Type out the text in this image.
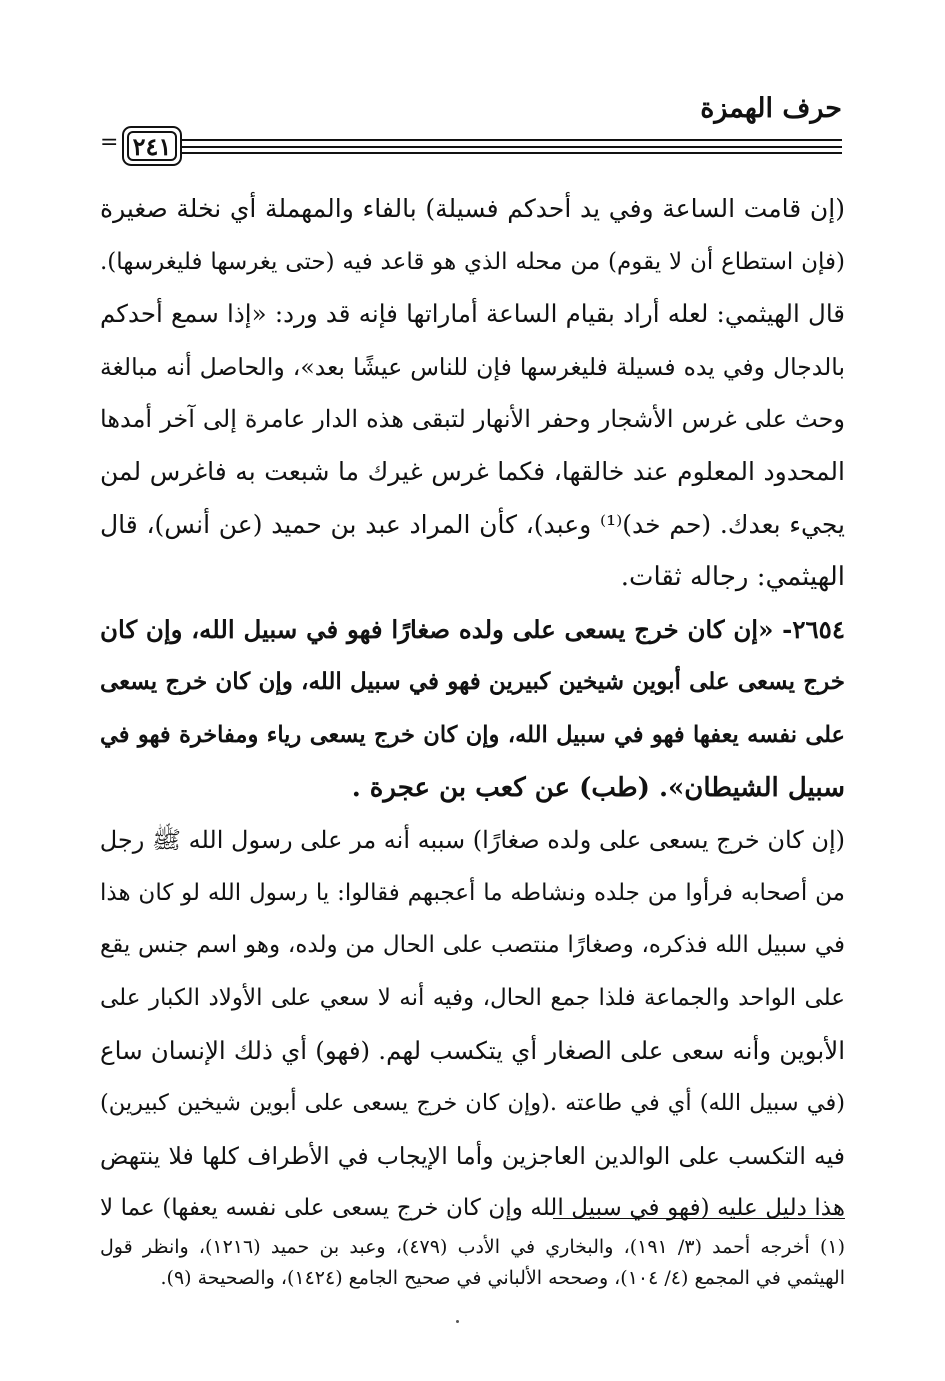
حرف الهمزة
٢٤١
=
(إن قامت الساعة وفي يد أحدكم فسيلة) بالفاء والمهملة أي نخلة صغيرة
(فإن استطاع أن لا يقوم) من محله الذي هو قاعد فيه (حتى يغرسها فليغرسها).
قال الهيثمي: لعله أراد بقيام الساعة أماراتها فإنه قد ورد: «إذا سمع أحدكم
بالدجال وفي يده فسيلة فليغرسها فإن للناس عيشًا بعد»، والحاصل أنه مبالغة
وحث على غرس الأشجار وحفر الأنهار لتبقى هذه الدار عامرة إلى آخر أمدها
المحدود المعلوم عند خالقها، فكما غرس غيرك ما شبعت به فاغرس لمن
يجيء بعدك. (حم خد)⁽¹⁾ وعبد)، كأن المراد عبد بن حميد (عن أنس)، قال
الهيثمي: رجاله ثقات.
٢٦٥٤- «إن كان خرج يسعى على ولده صغارًا فهو في سبيل الله، وإن كان
خرج يسعى على أبوين شيخين كبيرين فهو في سبيل الله، وإن كان خرج يسعى
على نفسه يعفها فهو في سبيل الله، وإن كان خرج يسعى رياء ومفاخرة فهو في
سبيل الشيطان». (طب) عن كعب بن عجرة .
(إن كان خرج يسعى على ولده صغارًا) سببه أنه مر على رسول الله ﷺ رجل
من أصحابه فرأوا من جلده ونشاطه ما أعجبهم فقالوا: يا رسول الله لو كان هذا
في سبيل الله فذكره، وصغارًا منتصب على الحال من ولده، وهو اسم جنس يقع
على الواحد والجماعة فلذا جمع الحال، وفيه أنه لا سعي على الأولاد الكبار على
الأبوين وأنه سعى على الصغار أي يتكسب لهم. (فهو) أي ذلك الإنسان ساع
(في سبيل الله) أي في طاعته .(وإن كان خرج يسعى على أبوين شيخين كبيرين)
فيه التكسب على الوالدين العاجزين وأما الإيجاب في الأطراف كلها فلا ينتهض
هذا دليل عليه (فهو في سبيل الله وإن كان خرج يسعى على نفسه يعفها) عما لا
(١) أخرجه أحمد (٣/ ١٩١)، والبخاري في الأدب (٤٧٩)، وعبد بن حميد (١٢١٦)، وانظر قول
الهيثمي في المجمع (٤/ ١٠٤)، وصححه الألباني في صحيح الجامع (١٤٢٤)، والصحيحة (٩).
